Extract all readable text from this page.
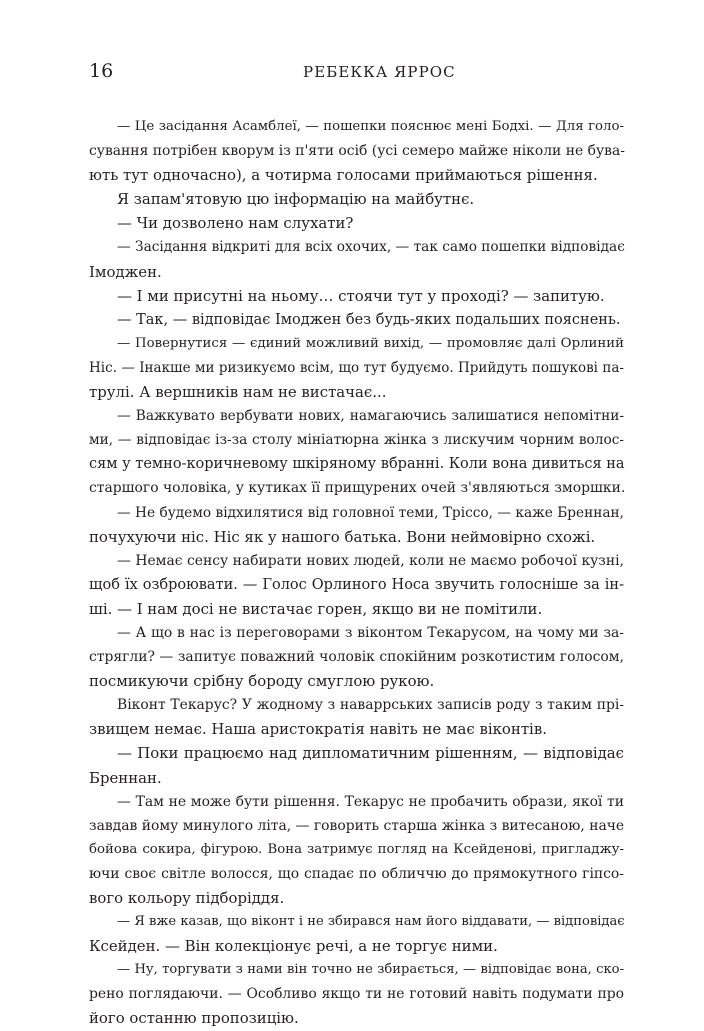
16	РЕБЕККА ЯРРОС
— Це засідання Асамблеї, — пошепки пояснює мені Бодхі. — Для голо-
сування потрібен кворум із п'яти осіб (усі семеро майже ніколи не бува-
ють тут одночасно), а чотирма голосами приймаються рішення.
Я запам'ятовую цю інформацію на майбутнє.
— Чи дозволено нам слухати?
— Засідання відкриті для всіх охочих, — так само пошепки відповідає
Імоджен.
— І ми присутні на ньому… стоячи тут у проході? — запитую.
— Так, — відповідає Імоджен без будь-яких подальших пояснень.
— Повернутися — єдиний можливий вихід, — промовляє далі Орлиний
Ніс. — Інакше ми ризикуємо всім, що тут будуємо. Прийдуть пошукові па-
трулі. А вершників нам не вистачає...
— Важкувато вербувати нових, намагаючись залишатися непомітни-
ми, — відповідає із-за столу мініатюрна жінка з лискучим чорним волос-
сям у темно-коричневому шкіряному вбранні. Коли вона дивиться на
старшого чоловіка, у кутиках її прищурених очей з'являються зморшки.
— Не будемо відхилятися від головної теми, Тріссо, — каже Бреннан,
почухуючи ніс. Ніс як у нашого батька. Вони неймовірно схожі.
— Немає сенсу набирати нових людей, коли не маємо робочої кузні,
щоб їх озброювати. — Голос Орлиного Носа звучить голосніше за ін-
ші. — І нам досі не вистачає горен, якщо ви не помітили.
— А що в нас із переговорами з віконтом Текарусом, на чому ми за-
стрягли? — запитує поважний чоловік спокійним розкотистим голосом,
посмикуючи срібну бороду смуглою рукою.
Віконт Текарус? У жодному з наваррських записів роду з таким прі-
звищем немає. Наша аристократія навіть не має віконтів.
— Поки працюємо над дипломатичним рішенням, — відповідає
Бреннан.
— Там не може бути рішення. Текарус не пробачить образи, якої ти
завдав йому минулого літа, — говорить старша жінка з витесаною, наче
бойова сокира, фігурою. Вона затримує погляд на Ксейденові, пригладжу-
ючи своє світле волосся, що спадає по обличчю до прямокутного гіпсо-
вого кольору підборіддя.
— Я вже казав, що віконт і не збирався нам його віддавати, — відповідає
Ксейден. — Він колекціонує речі, а не торгує ними.
— Ну, торгувати з нами він точно не збирається, — відповідає вона, ско-
рено поглядаючи. — Особливо якщо ти не готовий навіть подумати про
його останню пропозицію.
